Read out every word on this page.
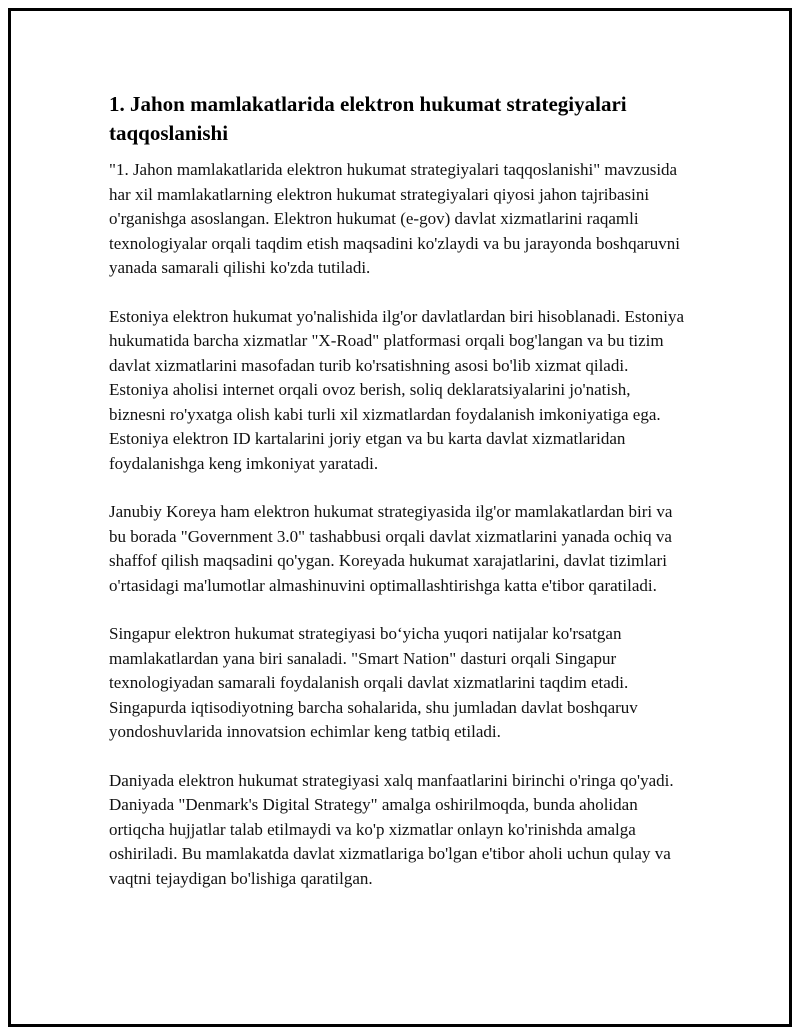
1. Jahon mamlakatlarida elektron hukumat strategiyalari taqqoslanishi

"1. Jahon mamlakatlarida elektron hukumat strategiyalari taqqoslanishi" mavzusida har xil mamlakatlarning elektron hukumat strategiyalari qiyosi jahon tajribasini o'rganishga asoslangan. Elektron hukumat (e-gov) davlat xizmatlarini raqamli texnologiyalar orqali taqdim etish maqsadini ko'zlaydi va bu jarayonda boshqaruvni yanada samarali qilishi ko'zda tutiladi.

Estoniya elektron hukumat yo'nalishida ilg'or davlatlardan biri hisoblanadi. Estoniya hukumatida barcha xizmatlar "X-Road" platformasi orqali bog'langan va bu tizim davlat xizmatlarini masofadan turib ko'rsatishning asosi bo'lib xizmat qiladi. Estoniya aholisi internet orqali ovoz berish, soliq deklaratsiyalarini jo'natish, biznesni ro'yxatga olish kabi turli xil xizmatlardan foydalanish imkoniyatiga ega. Estoniya elektron ID kartalarini joriy etgan va bu karta davlat xizmatlaridan foydalanishga keng imkoniyat yaratadi.

Janubiy Koreya ham elektron hukumat strategiyasida ilg'or mamlakatlardan biri va bu borada "Government 3.0" tashabbusi orqali davlat xizmatlarini yanada ochiq va shaffof qilish maqsadini qo'ygan. Koreyada hukumat xarajatlarini, davlat tizimlari o'rtasidagi ma'lumotlar almashinuvini optimallashtirishga katta e'tibor qaratiladi.

Singapur elektron hukumat strategiyasi bo‘yicha yuqori natijalar ko'rsatgan mamlakatlardan yana biri sanaladi. "Smart Nation" dasturi orqali Singapur texnologiyadan samarali foydalanish orqali davlat xizmatlarini taqdim etadi. Singapurda iqtisodiyotning barcha sohalarida, shu jumladan davlat boshqaruv yondoshuvlarida innovatsion echimlar keng tatbiq etiladi.

Daniyada elektron hukumat strategiyasi xalq manfaatlarini birinchi o'ringa qo'yadi. Daniyada "Denmark's Digital Strategy" amalga oshirilmoqda, bunda aholidan ortiqcha hujjatlar talab etilmaydi va ko'p xizmatlar onlayn ko'rinishda amalga oshiriladi. Bu mamlakatda davlat xizmatlariga bo'lgan e'tibor aholi uchun qulay va vaqtni tejaydigan bo'lishiga qaratilgan.
